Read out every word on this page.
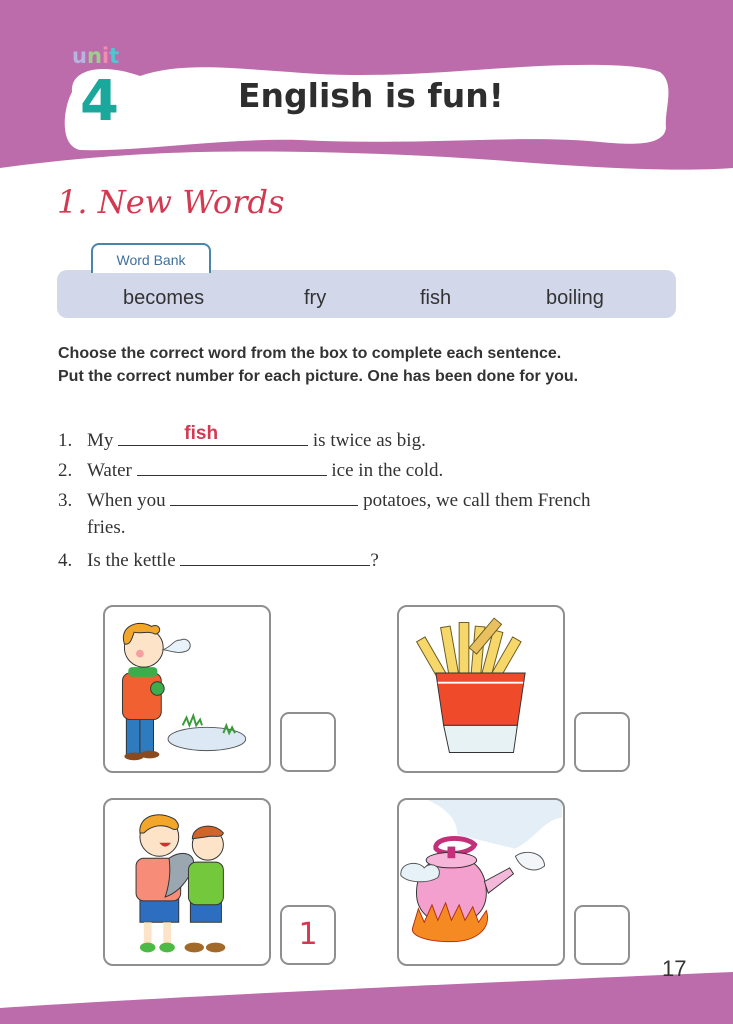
unit
4	English is fun!
1. New Words
Word Bank
becomes	fry	fish	boiling
Choose the correct word from the box to complete each sentence.
Put the correct number for each picture. One has been done for you.
1. My	fish	is twice as big.
2. Water	ice in the cold.
3. When you	potatoes, we call them French
fries.
4. Is the kettle	?
1
17
